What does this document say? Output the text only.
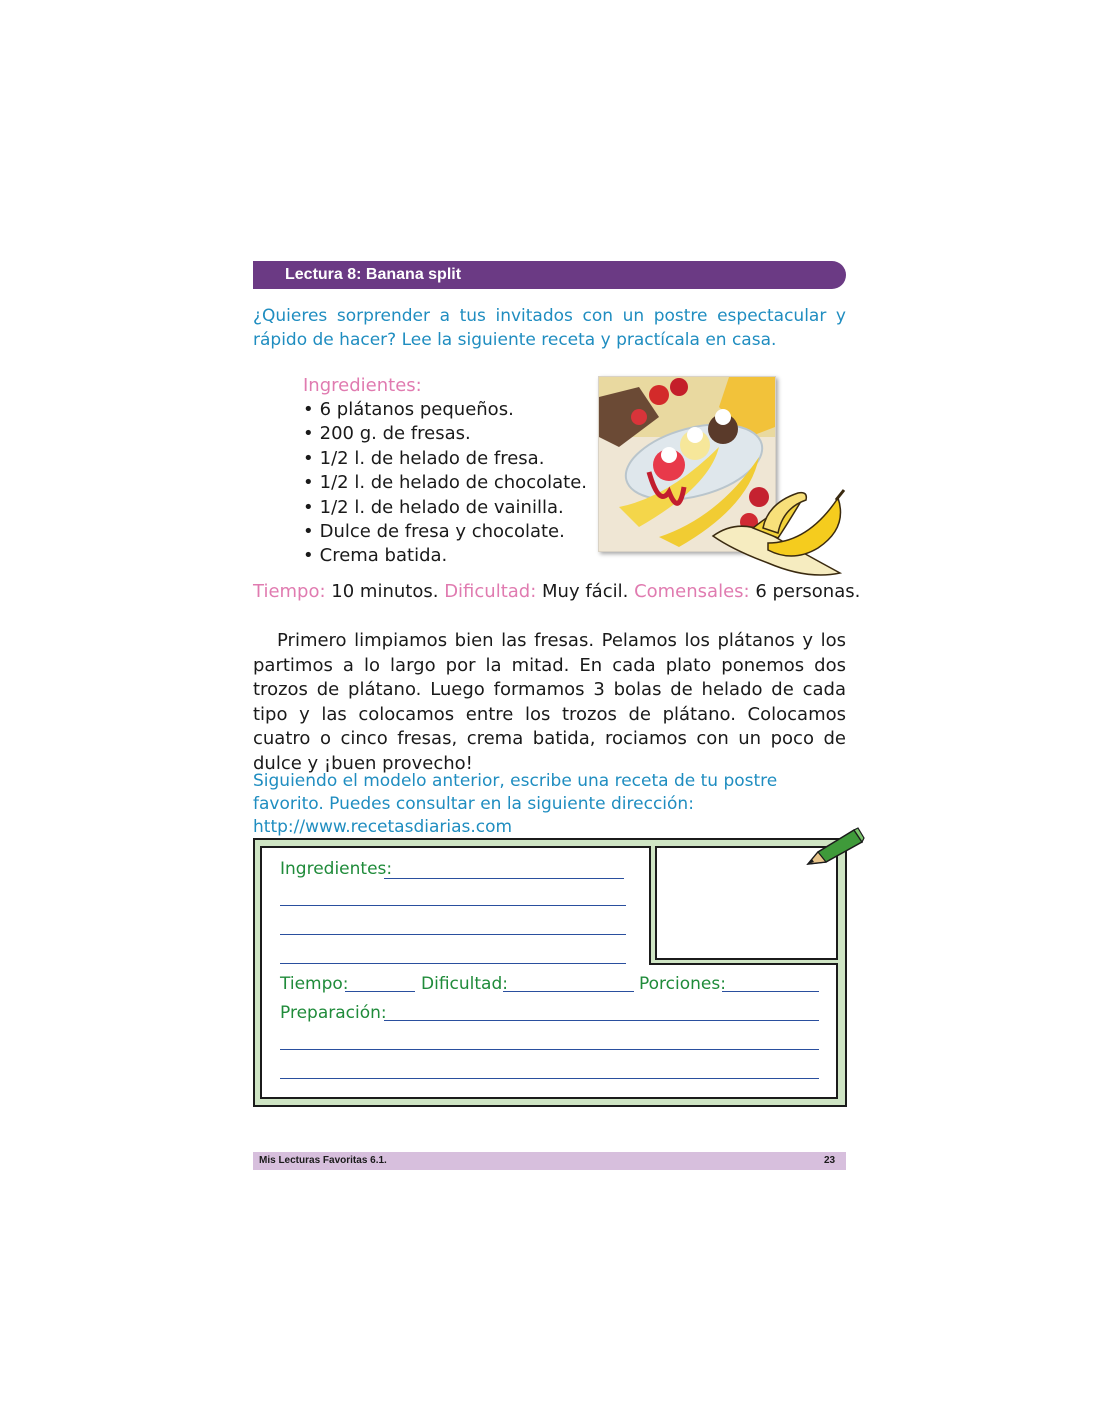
Lectura 8: Banana split
¿Quieres sorprender a tus invitados con un postre espectacular y rápido de hacer? Lee la siguiente receta y practícala en casa.
Ingredientes:
• 6 plátanos pequeños.
• 200 g. de fresas.
• 1/2 l. de helado de fresa.
• 1/2 l. de helado de chocolate.
• 1/2 l. de helado de vainilla.
• Dulce de fresa y chocolate.
• Crema batida.
Tiempo: 10 minutos. Dificultad: Muy fácil. Comensales: 6 personas.
Primero limpiamos bien las fresas. Pelamos los plátanos y los partimos a lo largo por la mitad. En cada plato ponemos dos trozos de plátano. Luego formamos 3 bolas de helado de cada tipo y las colocamos entre los trozos de plátano. Colocamos cuatro o cinco fresas, crema batida, rociamos con un poco de dulce y ¡buen provecho!
Siguiendo el modelo anterior, escribe una receta de tu postre favorito. Puedes consultar en la siguiente dirección: http://www.recetasdiarias.com
Ingredientes:
Tiempo:	Dificultad:	Porciones:
Preparación:
Mis Lecturas Favoritas 6.1.	23
